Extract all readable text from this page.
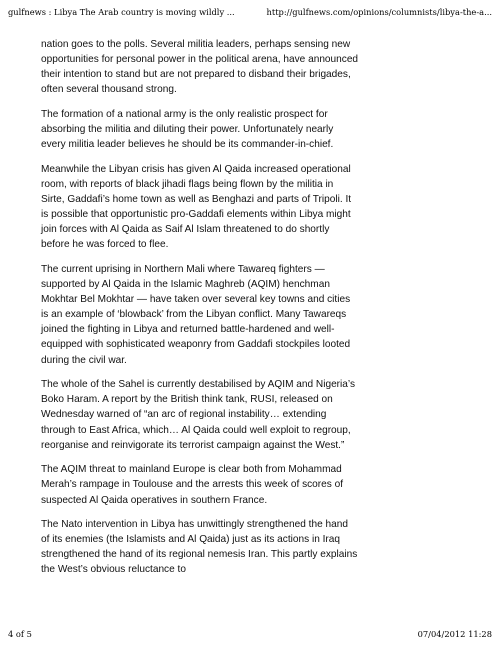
gulfnews : Libya The Arab country is moving wildly ...	http://gulfnews.com/opinions/columnists/libya-the-a...

nation goes to the polls. Several militia leaders, perhaps sensing new opportunities for personal power in the political arena, have announced their intention to stand but are not prepared to disband their brigades, often several thousand strong.

The formation of a national army is the only realistic prospect for absorbing the militia and diluting their power. Unfortunately nearly every militia leader believes he should be its commander-in-chief.

Meanwhile the Libyan crisis has given Al Qaida increased operational room, with reports of black jihadi flags being flown by the militia in Sirte, Gaddafi’s home town as well as Benghazi and parts of Tripoli. It is possible that opportunistic pro-Gaddafi elements within Libya might join forces with Al Qaida as Saif Al Islam threatened to do shortly before he was forced to flee.

The current uprising in Northern Mali where Tawareq fighters — supported by Al Qaida in the Islamic Maghreb (AQIM) henchman Mokhtar Bel Mokhtar — have taken over several key towns and cities is an example of ‘blowback’ from the Libyan conflict. Many Tawareqs joined the fighting in Libya and returned battle-hardened and well-equipped with sophisticated weaponry from Gaddafi stockpiles looted during the civil war.

The whole of the Sahel is currently destabilised by AQIM and Nigeria’s Boko Haram. A report by the British think tank, RUSI, released on Wednesday warned of “an arc of regional instability… extending through to East Africa, which… Al Qaida could well exploit to regroup, reorganise and reinvigorate its terrorist campaign against the West.”

The AQIM threat to mainland Europe is clear both from Mohammad Merah’s rampage in Toulouse and the arrests this week of scores of suspected Al Qaida operatives in southern France.

The Nato intervention in Libya has unwittingly strengthened the hand of its enemies (the Islamists and Al Qaida) just as its actions in Iraq strengthened the hand of its regional nemesis Iran. This partly explains the West’s obvious reluctance to

4 of 5	07/04/2012 11:28
